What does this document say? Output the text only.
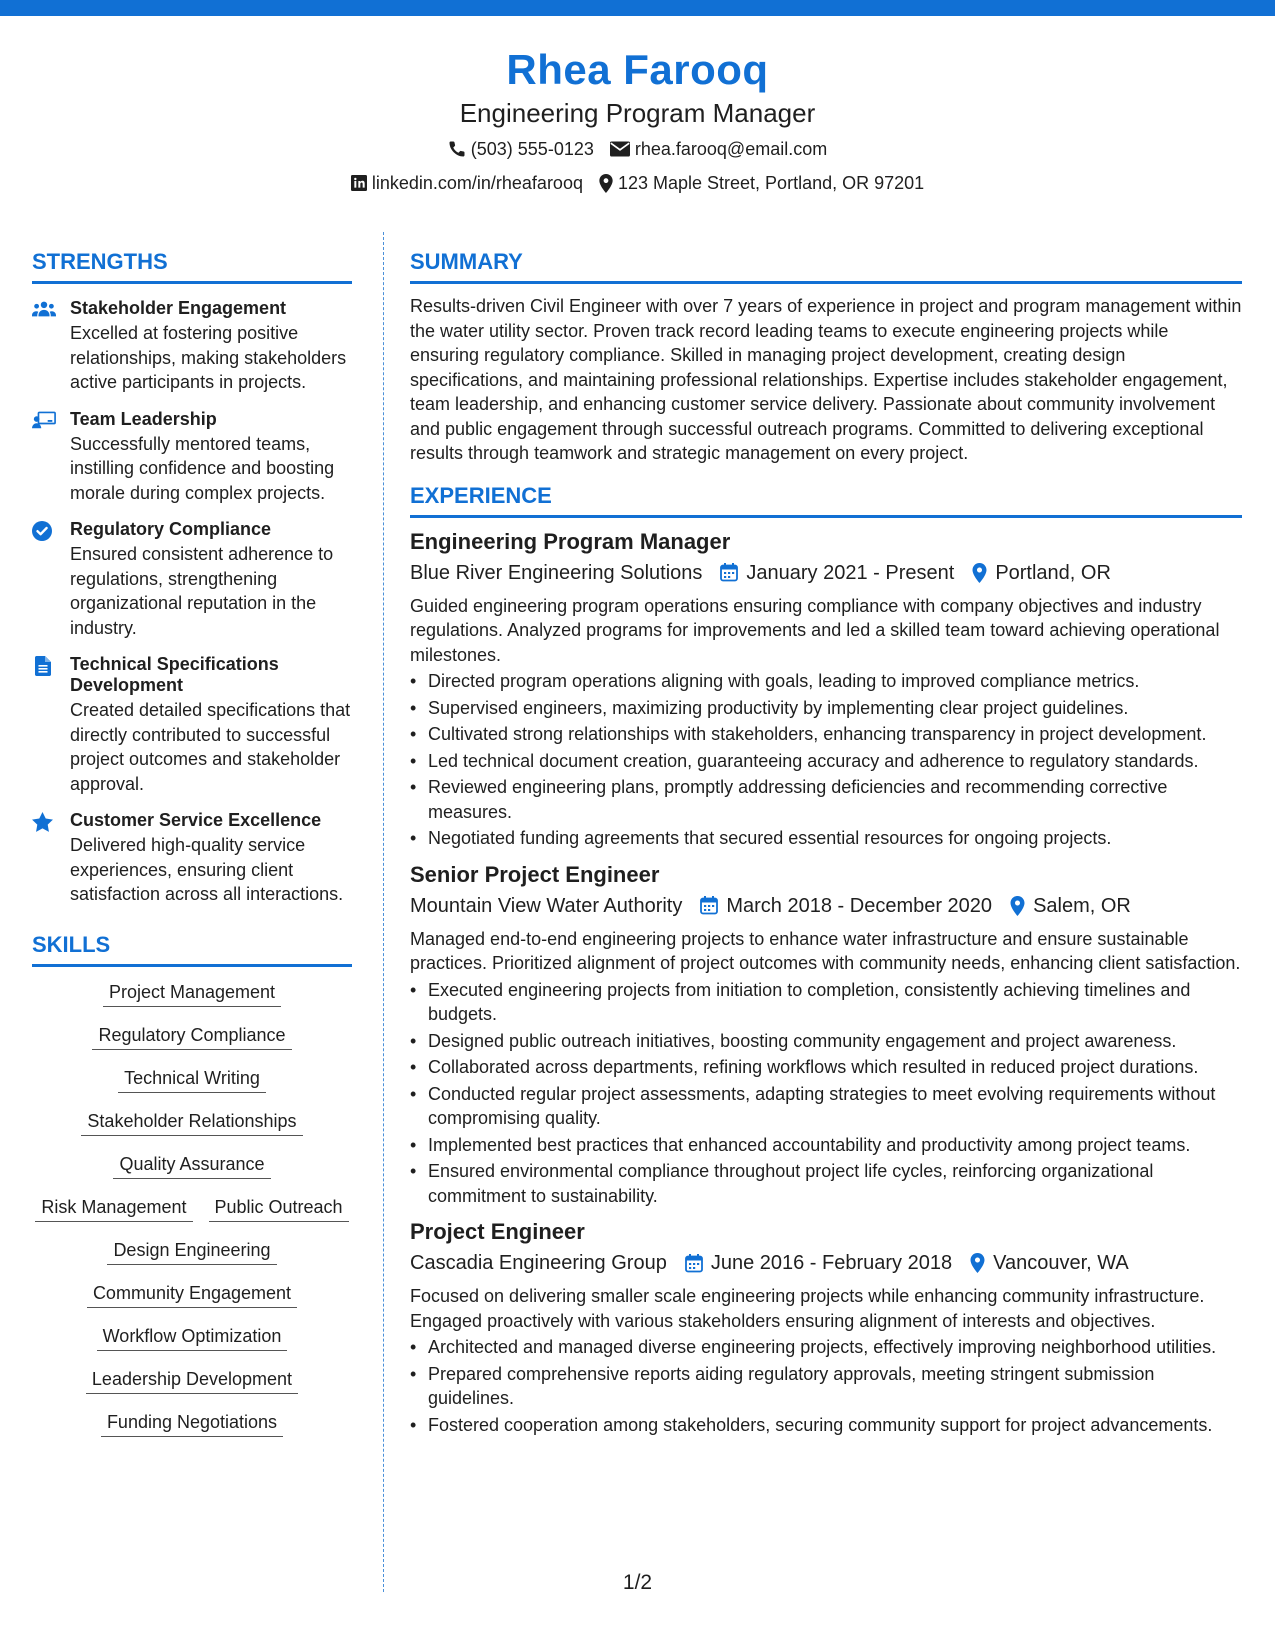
Rhea Farooq
Engineering Program Manager
(503) 555-0123 rhea.farooq@email.com
linkedin.com/in/rheafarooq 123 Maple Street, Portland, OR 97201
STRENGTHS
Stakeholder Engagement
Excelled at fostering positive relationships, making stakeholders active participants in projects.
Team Leadership
Successfully mentored teams, instilling confidence and boosting morale during complex projects.
Regulatory Compliance
Ensured consistent adherence to regulations, strengthening organizational reputation in the industry.
Technical Specifications Development
Created detailed specifications that directly contributed to successful project outcomes and stakeholder approval.
Customer Service Excellence
Delivered high-quality service experiences, ensuring client satisfaction across all interactions.
SKILLS
Project Management
Regulatory Compliance
Technical Writing
Stakeholder Relationships
Quality Assurance
Risk Management	Public Outreach
Design Engineering
Community Engagement
Workflow Optimization
Leadership Development
Funding Negotiations
SUMMARY
Results-driven Civil Engineer with over 7 years of experience in project and program management within the water utility sector. Proven track record leading teams to execute engineering projects while ensuring regulatory compliance. Skilled in managing project development, creating design specifications, and maintaining professional relationships. Expertise includes stakeholder engagement, team leadership, and enhancing customer service delivery. Passionate about community involvement and public engagement through successful outreach programs. Committed to delivering exceptional results through teamwork and strategic management on every project.
EXPERIENCE
Engineering Program Manager
Blue River Engineering Solutions January 2021 - Present Portland, OR
Guided engineering program operations ensuring compliance with company objectives and industry regulations. Analyzed programs for improvements and led a skilled team toward achieving operational milestones.
• Directed program operations aligning with goals, leading to improved compliance metrics.
• Supervised engineers, maximizing productivity by implementing clear project guidelines.
• Cultivated strong relationships with stakeholders, enhancing transparency in project development.
• Led technical document creation, guaranteeing accuracy and adherence to regulatory standards.
• Reviewed engineering plans, promptly addressing deficiencies and recommending corrective measures.
• Negotiated funding agreements that secured essential resources for ongoing projects.
Senior Project Engineer
Mountain View Water Authority March 2018 - December 2020 Salem, OR
Managed end-to-end engineering projects to enhance water infrastructure and ensure sustainable practices. Prioritized alignment of project outcomes with community needs, enhancing client satisfaction.
• Executed engineering projects from initiation to completion, consistently achieving timelines and budgets.
• Designed public outreach initiatives, boosting community engagement and project awareness.
• Collaborated across departments, refining workflows which resulted in reduced project durations.
• Conducted regular project assessments, adapting strategies to meet evolving requirements without compromising quality.
• Implemented best practices that enhanced accountability and productivity among project teams.
• Ensured environmental compliance throughout project life cycles, reinforcing organizational commitment to sustainability.
Project Engineer
Cascadia Engineering Group June 2016 - February 2018 Vancouver, WA
Focused on delivering smaller scale engineering projects while enhancing community infrastructure. Engaged proactively with various stakeholders ensuring alignment of interests and objectives.
• Architected and managed diverse engineering projects, effectively improving neighborhood utilities.
• Prepared comprehensive reports aiding regulatory approvals, meeting stringent submission guidelines.
• Fostered cooperation among stakeholders, securing community support for project advancements.
1/2
